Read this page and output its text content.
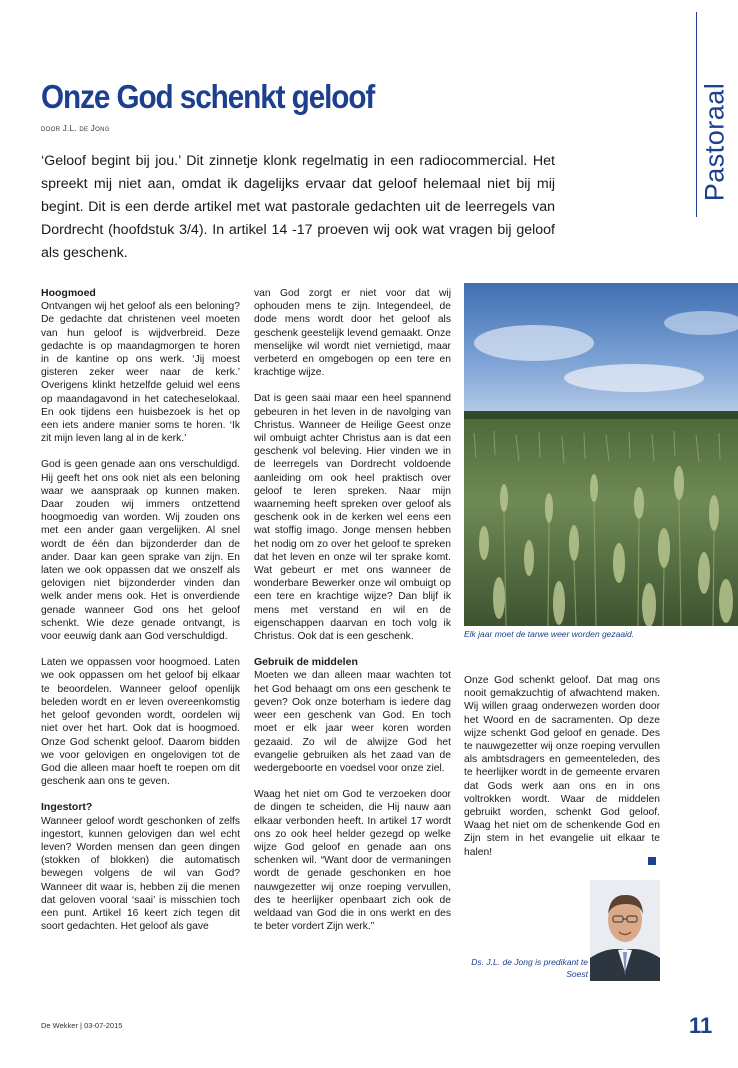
Onze God schenkt geloof
door J.L. de Jong
‘Geloof begint bij jou.’ Dit zinnetje klonk regelmatig in een radiocommercial. Het spreekt mij niet aan, omdat ik dagelijks ervaar dat geloof helemaal niet bij mij begint. Dit is een derde artikel met wat pastorale gedachten uit de leerregels van Dordrecht (hoofdstuk 3/4). In artikel 14 -17 proeven wij ook wat vragen bij geloof als geschenk.
Pastoraal
Hoogmoed

Ontvangen wij het geloof als een beloning? De gedachte dat christenen veel moeten van hun geloof is wijdverbreid. Deze gedachte is op maandagmorgen te horen in de kantine op ons werk. ‘Jij moest gisteren zeker weer naar de kerk.’ Overigens klinkt hetzelfde geluid wel eens op maandagavond in het catecheselokaal. En ook tijdens een huisbezoek is het op een iets andere manier soms te horen. ‘Ik zit mijn leven lang al in de kerk.’

God is geen genade aan ons verschuldigd. Hij geeft het ons ook niet als een beloning waar we aanspraak op kunnen maken. Daar zouden wij immers ontzettend hoogmoedig van worden. Wij zouden ons met een ander gaan vergelijken. Al snel wordt de één dan bijzonderder dan de ander. Daar kan geen sprake van zijn. En laten we ook oppassen dat we onszelf als gelovigen niet bijzonderder vinden dan welk ander mens ook. Het is onverdiende genade wanneer God ons het geloof schenkt. Wie deze genade ontvangt, is voor eeuwig dank aan God verschuldigd.

Laten we oppassen voor hoogmoed. Laten we ook oppassen om het geloof bij elkaar te beoordelen. Wanneer geloof openlijk beleden wordt en er leven overeenkomstig het geloof gevonden wordt, oordelen wij niet over het hart. Ook dat is hoogmoed. Onze God schenkt geloof. Daarom bidden we voor gelovigen en ongelovigen tot de God die alleen maar hoeft te roepen om dit geschenk aan ons te geven.

Ingestort?

Wanneer geloof wordt geschonken of zelfs ingestort, kunnen gelovigen dan wel echt leven? Worden mensen dan geen dingen (stokken of blokken) die automatisch bewegen volgens de wil van God? Wanneer dit waar is, hebben zij die menen dat geloven vooral ‘saai’ is misschien toch een punt. Artikel 16 keert zich tegen dit soort gedachten. Het geloof als gave

van God zorgt er niet voor dat wij ophouden mens te zijn. Integendeel, de dode mens wordt door het geloof als geschenk geestelijk levend gemaakt. Onze menselijke wil wordt niet vernietigd, maar verbeterd en omgebogen op een tere en krachtige wijze.

Dat is geen saai maar een heel spannend gebeuren in het leven in de navolging van Christus. Wanneer de Heilige Geest onze wil ombuigt achter Christus aan is dat een geschenk vol beleving. Hier vinden we in de leerregels van Dordrecht voldoende aanleiding om ook heel praktisch over geloof te leren spreken. Naar mijn waarneming heeft spreken over geloof als geschenk ook in de kerken wel eens een wat stoffig imago. Jonge mensen hebben het nodig om zo over het geloof te spreken dat het leven en onze wil ter sprake komt. Wat gebeurt er met ons wanneer de wonderbare Bewerker onze wil ombuigt op een tere en krachtige wijze? Dan blijf ik mens met verstand en wil en de eigenschappen daarvan en toch volg ik Christus. Ook dat is een geschenk.

Gebruik de middelen

Moeten we dan alleen maar wachten tot het God behaagt om ons een geschenk te geven? Ook onze boterham is iedere dag weer een geschenk van God. En toch moet er elk jaar weer koren worden gezaaid. Zo wil de alwijze God het evangelie gebruiken als het zaad van de wedergeboorte en voedsel voor onze ziel.

Waag het niet om God te verzoeken door de dingen te scheiden, die Hij nauw aan elkaar verbonden heeft. In artikel 17 wordt ons zo ook heel helder gezegd op welke wijze God geloof en genade aan ons schenken wil. “Want door de vermaningen wordt de genade geschonken en hoe nauwgezetter wij onze roeping vervullen, des te heerlijker openbaart zich ook de weldaad van God die in ons werkt en des te beter vordert Zijn werk.”

Elk jaar moet de tarwe weer worden gezaaid.

Onze God schenkt geloof. Dat mag ons nooit gemakzuchtig of afwachtend maken. Wij willen graag onderwezen worden door het Woord en de sacramenten. Op deze wijze schenkt God geloof en genade. Des te nauwgezetter wij onze roeping vervullen als ambtsdragers en gemeenteleden, des te heerlijker wordt in de gemeente ervaren dat Gods werk aan ons en in ons voltrokken wordt. Waar de middelen gebruikt worden, schenkt God geloof. Waag het niet om de schenkende God en Zijn stem in het evangelie uit elkaar te halen!

Ds. J.L. de Jong is predikant te Soest
De Wekker | 03-07-2015	11
